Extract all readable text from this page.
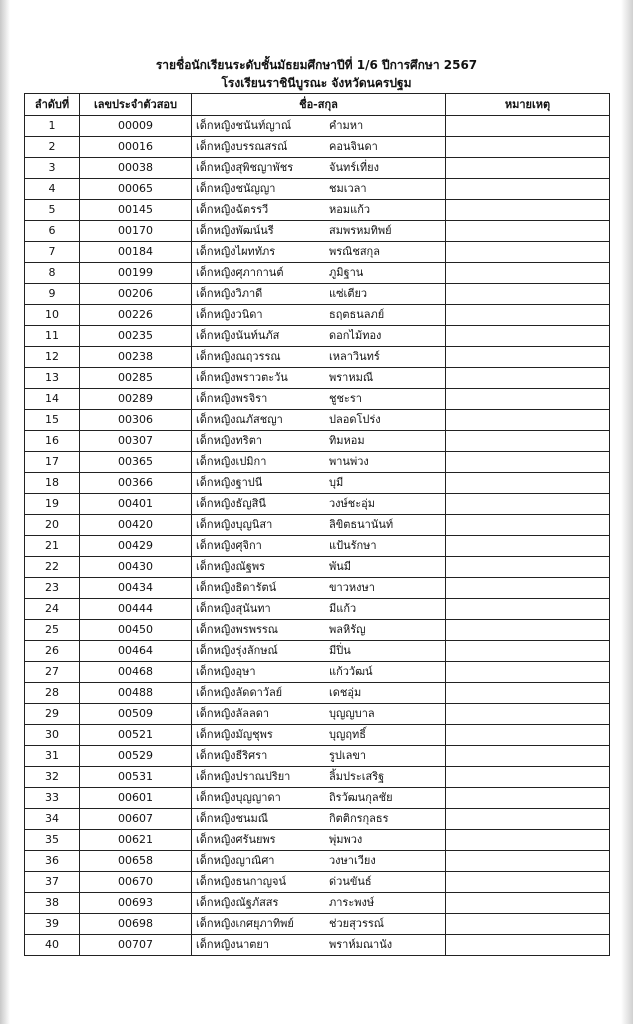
รายชื่อนักเรียนระดับชั้นมัธยมศึกษาปีที่ 1/6 ปีการศึกษา 2567
โรงเรียนราชินีบูรณะ จังหวัดนครปฐม
ลำดับที่	เลขประจำตัวสอบ	ชื่อ-สกุล	หมายเหตุ
1	00009	เด็กหญิงชนันท์ญาณ์ คำมหา	

2	00016	เด็กหญิงบรรณสรณ์ คอนจินดา	

3	00038	เด็กหญิงสุพิชญาพัชร จันทร์เที่ยง	

4	00065	เด็กหญิงชนัญญา ชมเวลา	

5	00145	เด็กหญิงฉัตรรวี หอมแก้ว	

6	00170	เด็กหญิงพัฒน์นรี สมพรหมทิพย์	

7	00184	เด็กหญิงไผททัภร พรณิชสกุล	

8	00199	เด็กหญิงศุภากานต์ ภูมิฐาน	

9	00206	เด็กหญิงวิภาดี แซ่เตียว	

10	00226	เด็กหญิงวนิดา ธฤตธนลภย์	

11	00235	เด็กหญิงนันท์นภัส ดอกไม้ทอง	

12	00238	เด็กหญิงณฤวรรณ เหลาวินทร์	

13	00285	เด็กหญิงพราวตะวัน พราหมณี	

14	00289	เด็กหญิงพรจิรา ชูชะรา	

15	00306	เด็กหญิงณภัสชญา ปลอดโปร่ง	

16	00307	เด็กหญิงทริตา ทิมหอม	

17	00365	เด็กหญิงเปมิกา พานพ่วง	

18	00366	เด็กหญิงฐาปนี บุมี	

19	00401	เด็กหญิงธัญสินี วงษ์ชะอุ่ม	

20	00420	เด็กหญิงบุญนิสา ลิขิตธนานันท์	

21	00429	เด็กหญิงศุจิกา แป้นรักษา	

22	00430	เด็กหญิงณัฐพร พันมี	

23	00434	เด็กหญิงธิดารัตน์ ขาวหงษา	

24	00444	เด็กหญิงสุนันทา มีแก้ว	

25	00450	เด็กหญิงพรพรรณ พลหิรัญ	

26	00464	เด็กหญิงรุ่งลักษณ์ มีปิ่น	

27	00468	เด็กหญิงอุษา แก้ววัฒน์	

28	00488	เด็กหญิงลัดดาวัลย์ เดชอุ่ม	

29	00509	เด็กหญิงลัลลดา บุญญบาล	

30	00521	เด็กหญิงมัญชุพร บุญฤทธิ์	

31	00529	เด็กหญิงธีริศรา รูปเลขา	

32	00531	เด็กหญิงปราณปริยา ลิ้มประเสริฐ	

33	00601	เด็กหญิงบุญญาดา ถิรวัฒนกุลชัย	

34	00607	เด็กหญิงชนมณี กิตติกรกุลธร	

35	00621	เด็กหญิงศรันยพร พุ่มพวง	

36	00658	เด็กหญิงญาณิศา วงษาเวียง	

37	00670	เด็กหญิงธนกาญจน์ ด่วนขันธ์	

38	00693	เด็กหญิงณัฐภัสสร ภาระพงษ์	

39	00698	เด็กหญิงเกศยุภาทิพย์ ช่วยสุวรรณ์	

40	00707	เด็กหญิงนาตยา พราห์มณานัง	
